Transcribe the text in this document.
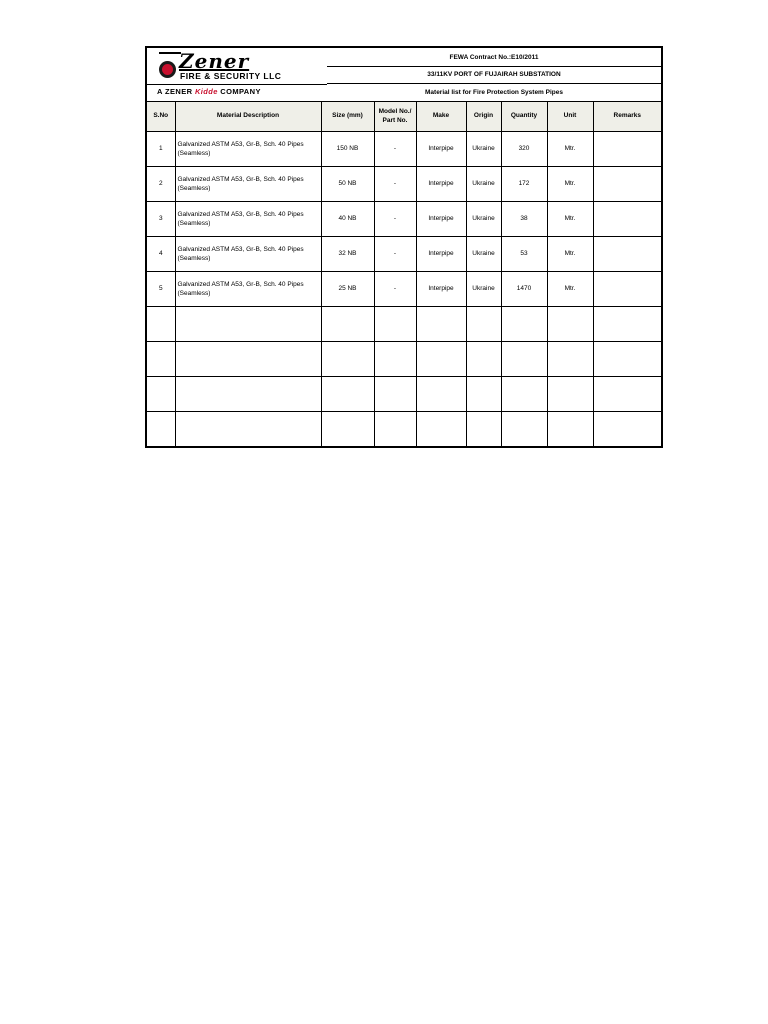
Zener
FIRE & SECURITY LLC
A ZENER Kidde COMPANY
FEWA Contract No.:E10/2011
33/11KV PORT OF FUJAIRAH SUBSTATION
Material list for Fire Protection System Pipes
S.No	Material Description	Size (mm)	Model No./ Part No.	Make	Origin	Quantity	Unit	Remarks
1	Galvanized ASTM A53, Gr-B, Sch. 40 Pipes (Seamless)	150 NB	-	Interpipe	Ukraine	320	Mtr.	
2	Galvanized ASTM A53, Gr-B, Sch. 40 Pipes (Seamless)	50 NB	-	Interpipe	Ukraine	172	Mtr.	
3	Galvanized ASTM A53, Gr-B, Sch. 40 Pipes (Seamless)	40 NB	-	Interpipe	Ukraine	38	Mtr.	
4	Galvanized ASTM A53, Gr-B, Sch. 40 Pipes (Seamless)	32 NB	-	Interpipe	Ukraine	53	Mtr.	
5	Galvanized ASTM A53, Gr-B, Sch. 40 Pipes (Seamless)	25 NB	-	Interpipe	Ukraine	1470	Mtr.	
